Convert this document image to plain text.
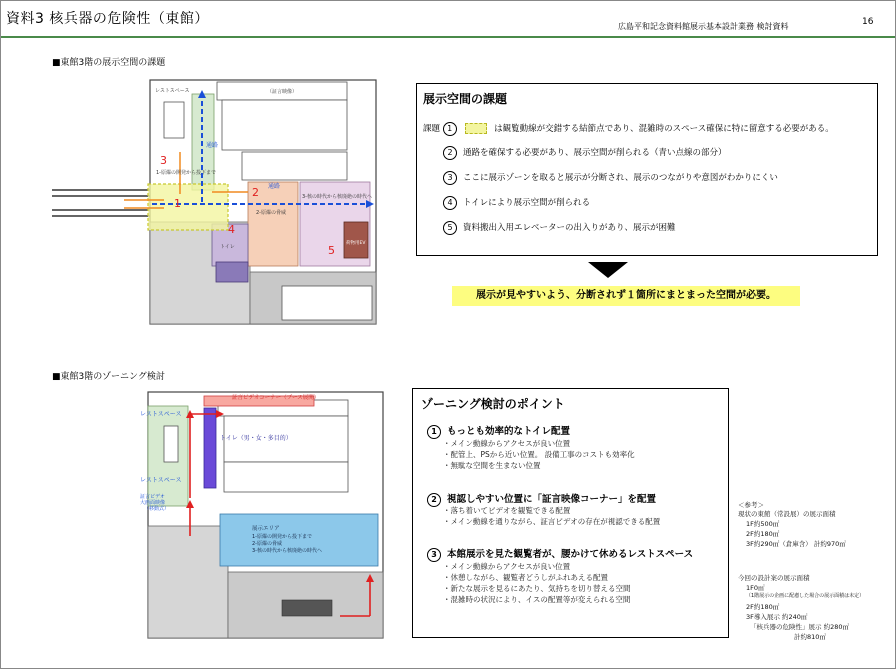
資料3 核兵器の危険性（東館）	広島平和記念資料館展示基本設計業務 検討資料	16
■東館3階の展示空間の課題
レストスペース	（証言映像）
通路
1-原爆の開発から投下まで
通路
2-原爆の脅威
3-核の時代から核廃絶の時代へ
トイレ
荷物用EV
1
2
3
4
5
展示空間の課題
課題 1	は観覧動線が交錯する結節点であり、混雑時のスペース確保に特に留意する必要がある。
2 通路を確保する必要があり、展示空間が削られる（青い点線の部分）
3 ここに展示ゾーンを取ると展示が分断され、展示のつながりや意図がわかりにくい
4 トイレにより展示空間が削られる
5 資料搬出入用エレベーターの出入りがあり、展示が困難
展示が見やすいよう、分断されず１箇所にまとまった空間が必要。
■東館3階のゾーニング検討
証言ビデオコーナー（ブース展開）
トイレ（男・女・多目的）
レストスペース
レストスペース
証言ビデオ
大画面映像
（移動式）
展示エリア
1-原爆の開発から投下まで
2-原爆の脅威
3-核の時代から核廃絶の時代へ
ゾーニング検討のポイント
1 もっとも効率的なトイレ配置
・メイン動線からアクセスが良い位置
・配管上、PSから近い位置。 設備工事のコストも効率化
・無駄な空間を生まない位置
2 視認しやすい位置に「証言映像コーナー」を配置
・落ち着いてビデオを観覧できる配置
・メイン動線を通りながら、証言ビデオの存在が視認できる配置
3 本館展示を見た観覧者が、腰かけて休めるレストスペース
・メイン動線からアクセスが良い位置
・休憩しながら、観覧者どうしがふれあえる配置
・新たな展示を見るにあたり、気持ちを切り替える空間
・混雑時の状況により、イスの配置等が変えられる空間
＜参考＞
現状の東館（常設展）の展示面積
1F約500㎡
2F約180㎡
3F約290㎡（倉庫含） 計約970㎡
今回の設計案の展示面積
1F0㎡
（1階展示の企画に配慮した場合の展示面積は未定）
2F約180㎡
3F導入展示 約240㎡
「核兵器の危険性」展示 約280㎡
計約810㎡
